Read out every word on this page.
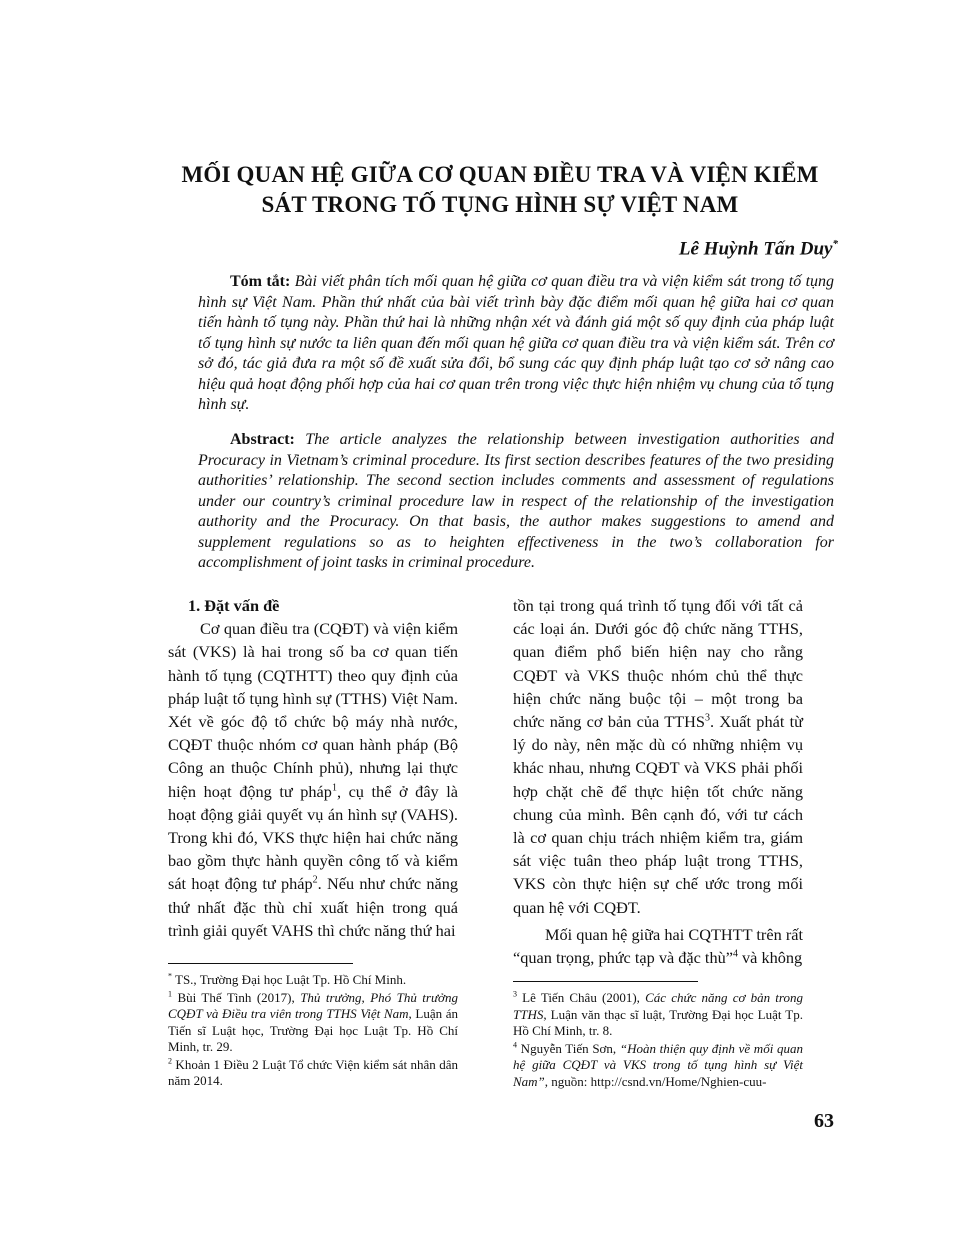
MỐI QUAN HỆ GIỮA CƠ QUAN ĐIỀU TRA VÀ VIỆN KIỂM
SÁT TRONG TỐ TỤNG HÌNH SỰ VIỆT NAM
Lê Huỳnh Tấn Duy*
Tóm tắt: Bài viết phân tích mối quan hệ giữa cơ quan điều tra và viện kiểm sát trong tố tụng hình sự Việt Nam. Phần thứ nhất của bài viết trình bày đặc điểm mối quan hệ giữa hai cơ quan tiến hành tố tụng này. Phần thứ hai là những nhận xét và đánh giá một số quy định của pháp luật tố tụng hình sự nước ta liên quan đến mối quan hệ giữa cơ quan điều tra và viện kiểm sát. Trên cơ sở đó, tác giả đưa ra một số đề xuất sửa đổi, bổ sung các quy định pháp luật tạo cơ sở nâng cao hiệu quả hoạt động phối hợp của hai cơ quan trên trong việc thực hiện nhiệm vụ chung của tố tụng hình sự.
Abstract: The article analyzes the relationship between investigation authorities and Procuracy in Vietnam’s criminal procedure. Its first section describes features of the two presiding authorities’ relationship. The second section includes comments and assessment of regulations under our country’s criminal procedure law in respect of the relationship of the investigation authority and the Procuracy. On that basis, the author makes suggestions to amend and supplement regulations so as to heighten effectiveness in the two’s collaboration for accomplishment of joint tasks in criminal procedure.

1. Đặt vấn đề

Cơ quan điều tra (CQĐT) và viện kiểm sát (VKS) là hai trong số ba cơ quan tiến hành tố tụng (CQTHTT) theo quy định của pháp luật tố tụng hình sự (TTHS) Việt Nam. Xét về góc độ tổ chức bộ máy nhà nước, CQĐT thuộc nhóm cơ quan hành pháp (Bộ Công an thuộc Chính phủ), nhưng lại thực hiện hoạt động tư pháp$^1$, cụ thể ở đây là hoạt động giải quyết vụ án hình sự (VAHS). Trong khi đó, VKS thực hiện hai chức năng bao gồm thực hành quyền công tố và kiểm sát hoạt động tư pháp$^2$. Nếu như chức năng thứ nhất đặc thù chỉ xuất hiện trong quá trình giải quyết VAHS thì chức năng thứ hai

tồn tại trong quá trình tố tụng đối với tất cả các loại án. Dưới góc độ chức năng TTHS, quan điểm phổ biến hiện nay cho rằng CQĐT và VKS thuộc nhóm chủ thể thực hiện chức năng buộc tội – một trong ba chức năng cơ bản của TTHS$^3$. Xuất phát từ lý do này, nên mặc dù có những nhiệm vụ khác nhau, nhưng CQĐT và VKS phải phối hợp chặt chẽ để thực hiện tốt chức năng chung của mình. Bên cạnh đó, với tư cách là cơ quan chịu trách nhiệm kiểm tra, giám sát việc tuân theo pháp luật trong TTHS, VKS còn thực hiện sự chế ước trong mối quan hệ với CQĐT.

Mối quan hệ giữa hai CQTHTT trên rất “quan trọng, phức tạp và đặc thù”$^4$ và không

* TS., Trường Đại học Luật Tp. Hồ Chí Minh.

$^1$ Bùi Thế Tình (2017), Thủ trưởng, Phó Thủ trưởng CQĐT và Điều tra viên trong TTHS Việt Nam, Luận án Tiến sĩ Luật học, Trường Đại học Luật Tp. Hồ Chí Minh, tr. 29.

$^2$ Khoản 1 Điều 2 Luật Tổ chức Viện kiểm sát nhân dân năm 2014.

$^3$ Lê Tiến Châu (2001), Các chức năng cơ bản trong TTHS, Luận văn thạc sĩ luật, Trường Đại học Luật Tp. Hồ Chí Minh, tr. 8.

$^4$ Nguyễn Tiến Sơn, “Hoàn thiện quy định về mối quan hệ giữa CQĐT và VKS trong tố tụng hình sự Việt Nam”, nguồn: http://csnd.vn/Home/Nghien-cuu-

63
